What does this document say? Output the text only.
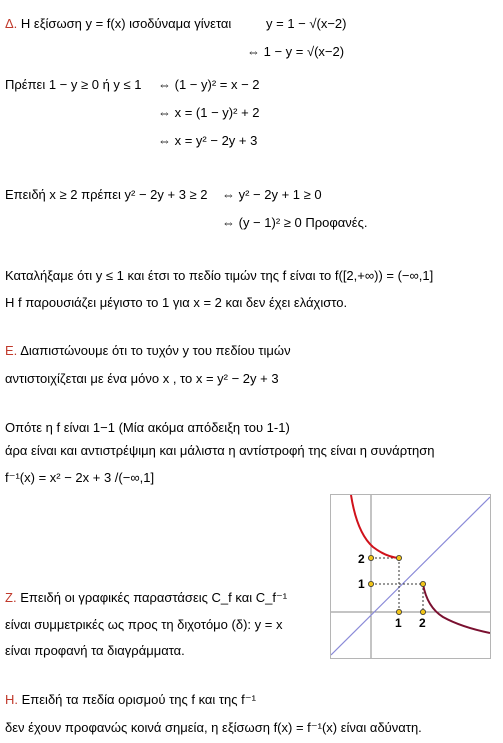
Δ. Η εξίσωση y = f(x) ισοδύναμα γίνεται	y = 1 − √(x−2)
⇔ 1 − y = √(x−2)
Πρέπει 1 − y ≥ 0 ή y ≤ 1 ⇔ (1 − y)² = x − 2
⇔ x = (1 − y)² + 2
⇔ x = y² − 2y + 3
Επειδή x ≥ 2 πρέπει y² − 2y + 3 ≥ 2 ⇔ y² − 2y + 1 ≥ 0
⇔ (y − 1)² ≥ 0 Προφανές.
Καταλήξαμε ότι y ≤ 1 και έτσι το πεδίο τιμών της f είναι το f([2,+∞)) = (−∞,1]
Η f παρουσιάζει μέγιστο το 1 για x = 2 και δεν έχει ελάχιστο.
Ε. Διαπιστώνουμε ότι το τυχόν y του πεδίου τιμών
αντιστοιχίζεται με ένα μόνο x , το x = y² − 2y + 3
Οπότε η f είναι 1−1 (Μία ακόμα απόδειξη του 1-1)
άρα είναι και αντιστρέψιμη και μάλιστα η αντίστροφή της είναι η συνάρτηση
f⁻¹(x) = x² − 2x + 3 /(−∞,1]
Ζ. Επειδή οι γραφικές παραστάσεις C_f και C_f⁻¹
είναι συμμετρικές ως προς τη διχοτόμο (δ): y = x
είναι προφανή τα διαγράμματα.
Η. Επειδή τα πεδία ορισμού της f και της f⁻¹
δεν έχουν προφανώς κοινά σημεία, η εξίσωση f(x) = f⁻¹(x) είναι αδύνατη.
2
1
1 2
